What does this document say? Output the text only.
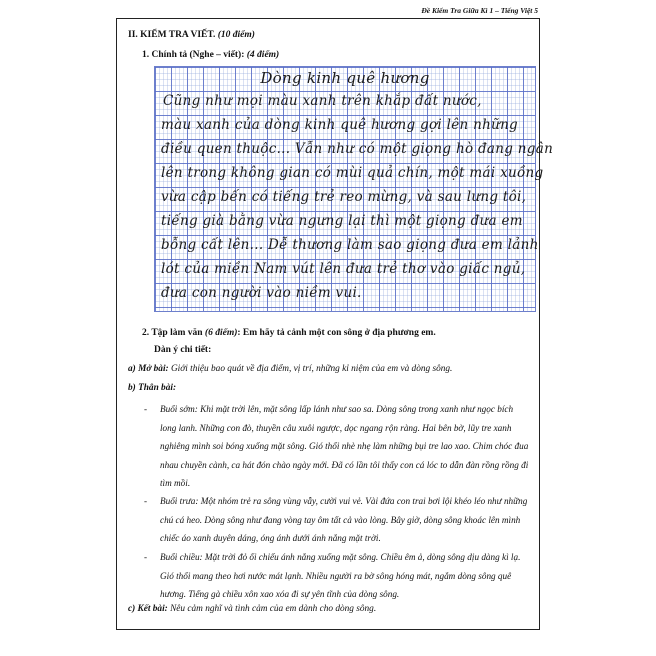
Đề Kiểm Tra Giữa Kì 1 – Tiếng Việt 5
II. KIỂM TRA VIẾT. (10 điểm)
1. Chính tả (Nghe – viết): (4 điểm)
Dòng kinh quê hương
Cũng như mọi màu xanh trên khắp đất nước,
màu xanh của dòng kinh quê hương gợi lên những
điều quen thuộc... Vẫn như có một giọng hò đang ngân
lên trong không gian có mùi quả chín, một mái xuồng
vừa cập bến có tiếng trẻ reo mừng, và sau lưng tôi,
tiếng già bằng vừa ngưng lại thì một giọng đưa em
bỗng cất lên... Dễ thương làm sao giọng đưa em lảnh
lót của miền Nam vút lên đưa trẻ thơ vào giấc ngủ,
đưa con người vào niềm vui.
2. Tập làm văn (6 điểm): Em hãy tả cảnh một con sông ở địa phương em.
Dàn ý chi tiết:
a) Mở bài: Giới thiệu bao quát về địa điểm, vị trí, những kỉ niệm của em và dòng sông.
b) Thân bài:
- Buổi sớm: Khi mặt trời lên, mặt sông lấp lánh như sao sa. Dòng sông trong xanh như ngọc bích long lanh. Những con đò, thuyền câu xuôi ngược, dọc ngang rộn ràng. Hai bên bờ, lũy tre xanh nghiêng mình soi bóng xuống mặt sông. Gió thổi nhè nhẹ làm những bụi tre lao xao. Chim chóc đua nhau chuyền cành, ca hát đón chào ngày mới. Đã có lần tôi thấy con cá lóc to dẫn đàn rồng rồng đi tìm mồi.
- Buổi trưa: Một nhóm trẻ ra sông vùng vẫy, cười vui vẻ. Vài đứa con trai bơi lội khéo léo như những chú cá heo. Dòng sông như đang vòng tay ôm tất cả vào lòng. Bây giờ, dòng sông khoác lên mình chiếc áo xanh duyên dáng, óng ánh dưới ánh nắng mặt trời.
- Buổi chiều: Mặt trời đỏ ối chiếu ánh nắng xuống mặt sông. Chiều êm ả, dòng sông dịu dàng kì lạ. Gió thổi mang theo hơi nước mát lạnh. Nhiều người ra bờ sông hóng mát, ngắm dòng sông quê hương. Tiếng gà chiều xôn xao xóa đi sự yên tĩnh của dòng sông.
c) Kết bài: Nêu cảm nghĩ và tình cảm của em dành cho dòng sông.
